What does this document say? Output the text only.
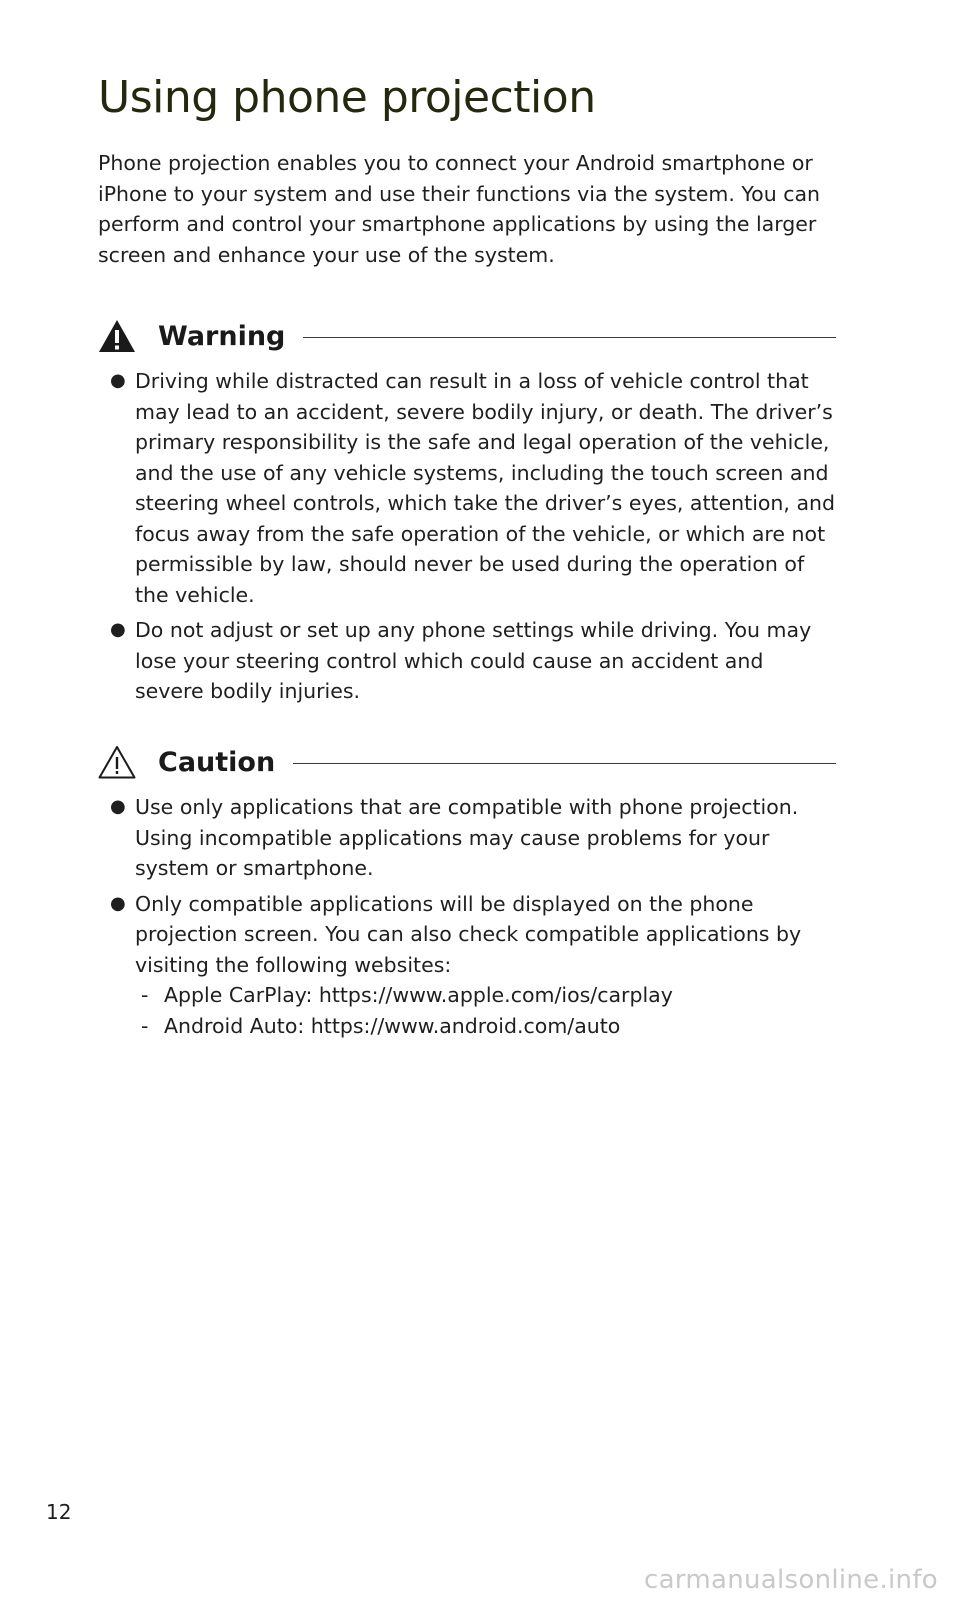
Using phone projection

Phone projection enables you to connect your Android smartphone or iPhone to your system and use their functions via the system. You can perform and control your smartphone applications by using the larger screen and enhance your use of the system.

Warning
● Driving while distracted can result in a loss of vehicle control that may lead to an accident, severe bodily injury, or death. The driver’s primary responsibility is the safe and legal operation of the vehicle, and the use of any vehicle systems, including the touch screen and steering wheel controls, which take the driver’s eyes, attention, and focus away from the safe operation of the vehicle, or which are not permissible by law, should never be used during the operation of the vehicle.
● Do not adjust or set up any phone settings while driving. You may lose your steering control which could cause an accident and severe bodily injuries.
Caution
● Use only applications that are compatible with phone projection. Using incompatible applications may cause problems for your system or smartphone.
● Only compatible applications will be displayed on the phone projection screen. You can also check compatible applications by visiting the following websites:
- Apple CarPlay: https://www.apple.com/ios/carplay
- Android Auto: https://www.android.com/auto
12
carmanualsonline.info
